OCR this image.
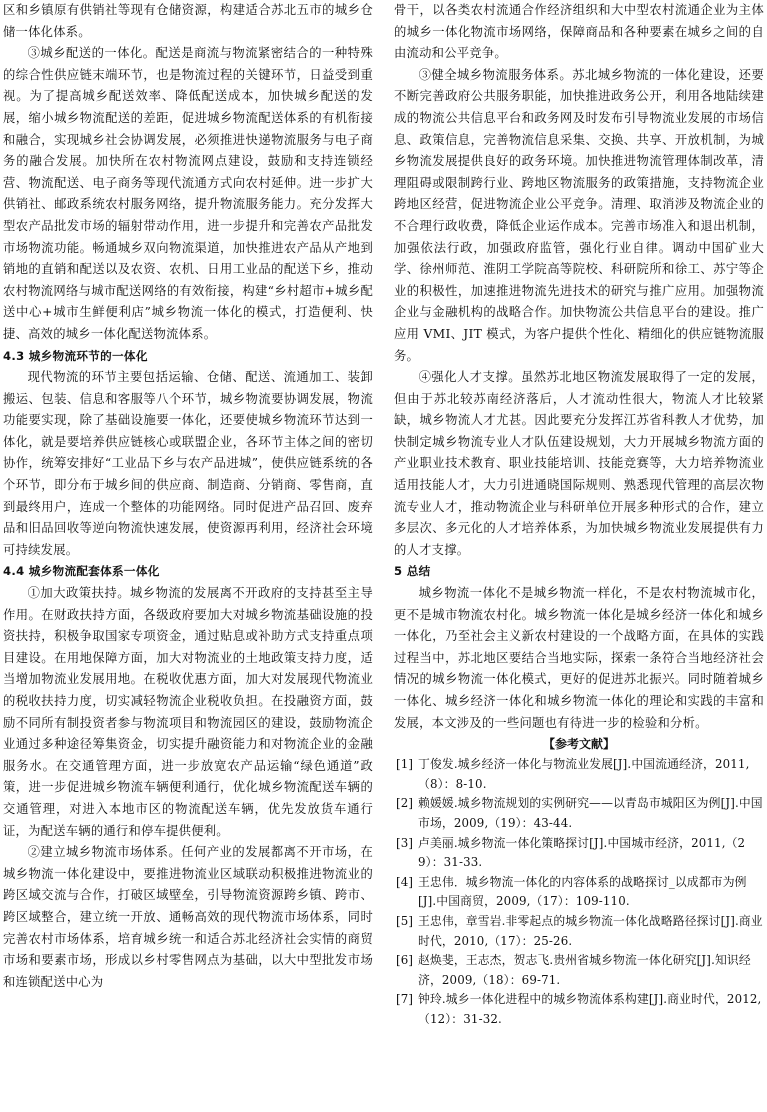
区和乡镇原有供销社等现有仓储资源，构建适合苏北五市的城乡仓储一体化体系。

③城乡配送的一体化。配送是商流与物流紧密结合的一种特殊的综合性供应链末端环节，也是物流过程的关键环节，日益受到重视。为了提高城乡配送效率、降低配送成本，加快城乡配送的发展，缩小城乡物流配送的差距，促进城乡物流配送体系的有机衔接和融合，实现城乡社会协调发展，必须推进快递物流服务与电子商务的融合发展。加快所在农村物流网点建设，鼓励和支持连锁经营、物流配送、电子商务等现代流通方式向农村延伸。进一步扩大供销社、邮政系统农村服务网络，提升物流服务能力。充分发挥大型农产品批发市场的辐射带动作用，进一步提升和完善农产品批发市场物流功能。畅通城乡双向物流渠道，加快推进农产品从产地到销地的直销和配送以及农资、农机、日用工业品的配送下乡，推动农村物流网络与城市配送网络的有效衔接，构建“乡村超市+城乡配送中心+城市生鲜便利店”城乡物流一体化的模式，打造便利、快捷、高效的城乡一体化配送物流体系。

4.3 城乡物流环节的一体化

现代物流的环节主要包括运输、仓储、配送、流通加工、装卸搬运、包装、信息和客服等八个环节，城乡物流要协调发展，物流功能要实现，除了基础设施要一体化，还要使城乡物流环节达到一体化，就是要培养供应链核心或联盟企业，各环节主体之间的密切协作，统筹安排好“工业品下乡与农产品进城”，使供应链系统的各个环节，即分布于城乡间的供应商、制造商、分销商、零售商，直到最终用户，连成一个整体的功能网络。同时促进产品召回、废弃品和旧品回收等逆向物流快速发展，使资源再利用，经济社会环境可持续发展。

4.4 城乡物流配套体系一体化

①加大政策扶持。城乡物流的发展离不开政府的支持甚至主导作用。在财政扶持方面，各级政府要加大对城乡物流基础设施的投资扶持，积极争取国家专项资金，通过贴息或补助方式支持重点项目建设。在用地保障方面，加大对物流业的土地政策支持力度，适当增加物流业发展用地。在税收优惠方面，加大对发展现代物流业的税收扶持力度，切实减轻物流企业税收负担。在投融资方面，鼓励不同所有制投资者参与物流项目和物流园区的建设，鼓励物流企业通过多种途径筹集资金，切实提升融资能力和对物流企业的金融服务水。在交通管理方面，进一步放宽农产品运输“绿色通道”政策，进一步促进城乡物流车辆便利通行，优化城乡物流配送车辆的交通管理，对进入本地市区的物流配送车辆，优先发放货车通行证，为配送车辆的通行和停车提供便利。

②建立城乡物流市场体系。任何产业的发展都离不开市场，在城乡物流一体化建设中，要推进物流业区域联动积极推进物流业的跨区域交流与合作，打破区域壁垒，引导物流资源跨乡镇、跨市、跨区域整合，建立统一开放、通畅高效的现代物流市场体系，同时完善农村市场体系，培育城乡统一和适合苏北经济社会实情的商贸市场和要素市场，形成以乡村零售网点为基础，以大中型批发市场和连锁配送中心为

骨干，以各类农村流通合作经济组织和大中型农村流通企业为主体的城乡一体化物流市场网络，保障商品和各种要素在城乡之间的自由流动和公平竞争。

③健全城乡物流服务体系。苏北城乡物流的一体化建设，还要不断完善政府公共服务职能，加快推进政务公开，利用各地陆续建成的物流公共信息平台和政务网及时发布引导物流业发展的市场信息、政策信息，完善物流信息采集、交换、共享、开放机制，为城乡物流发展提供良好的政务环境。加快推进物流管理体制改革，清理阻碍或限制跨行业、跨地区物流服务的政策措施，支持物流企业跨地区经营，促进物流企业公平竞争。清理、取消涉及物流企业的不合理行政收费，降低企业运作成本。完善市场准入和退出机制，加强依法行政，加强政府监管，强化行业自律。调动中国矿业大学、徐州师范、淮阴工学院高等院校、科研院所和徐工、苏宁等企业的积极性，加速推进物流先进技术的研究与推广应用。加强物流企业与金融机构的战略合作。加快物流公共信息平台的建设。推广应用 VMI、JIT 模式，为客户提供个性化、精细化的供应链物流服务。

④强化人才支撑。虽然苏北地区物流发展取得了一定的发展，但由于苏北较苏南经济落后，人才流动性很大，物流人才比较紧缺，城乡物流人才尤甚。因此要充分发挥江苏省科教人才优势，加快制定城乡物流专业人才队伍建设规划，大力开展城乡物流方面的产业职业技术教育、职业技能培训、技能竞赛等，大力培养物流业适用技能人才，大力引进通晓国际规则、熟悉现代管理的高层次物流专业人才，推动物流企业与科研单位开展多种形式的合作，建立多层次、多元化的人才培养体系，为加快城乡物流业发展提供有力的人才支撑。

5 总结

城乡物流一体化不是城乡物流一样化，不是农村物流城市化，更不是城市物流农村化。城乡物流一体化是城乡经济一体化和城乡一体化，乃至社会主义新农村建设的一个战略方面，在具体的实践过程当中，苏北地区要结合当地实际，探索一条符合当地经济社会情况的城乡物流一体化模式，更好的促进苏北振兴。同时随着城乡一体化、城乡经济一体化和城乡物流一体化的理论和实践的丰富和发展，本文涉及的一些问题也有待进一步的检验和分析。

【参考文献】

[1] 丁俊发.城乡经济一体化与物流业发展[J].中国流通经济，2011,（8）：8-10.
[2] 赖媛媛.城乡物流规划的实例研究——以青岛市城阳区为例[J].中国市场，2009,（19）：43-44.
[3] 卢美丽.城乡物流一体化策略探讨[J].中国城市经济，2011,（29）：31-33.
[4] 王忠伟．城乡物流一体化的内容体系的战略探讨_以成都市为例[J].中国商贸，2009,（17）：109-110.
[5] 王忠伟，章雪岩.非零起点的城乡物流一体化战略路径探讨[J].商业时代，2010,（17）：25-26.
[6] 赵焕斐，王志杰，贺志飞.贵州省城乡物流一体化研究[J].知识经济，2009,（18）：69-71.
[7] 钟玲.城乡一体化进程中的城乡物流体系构建[J].商业时代，2012,（12）：31-32.
